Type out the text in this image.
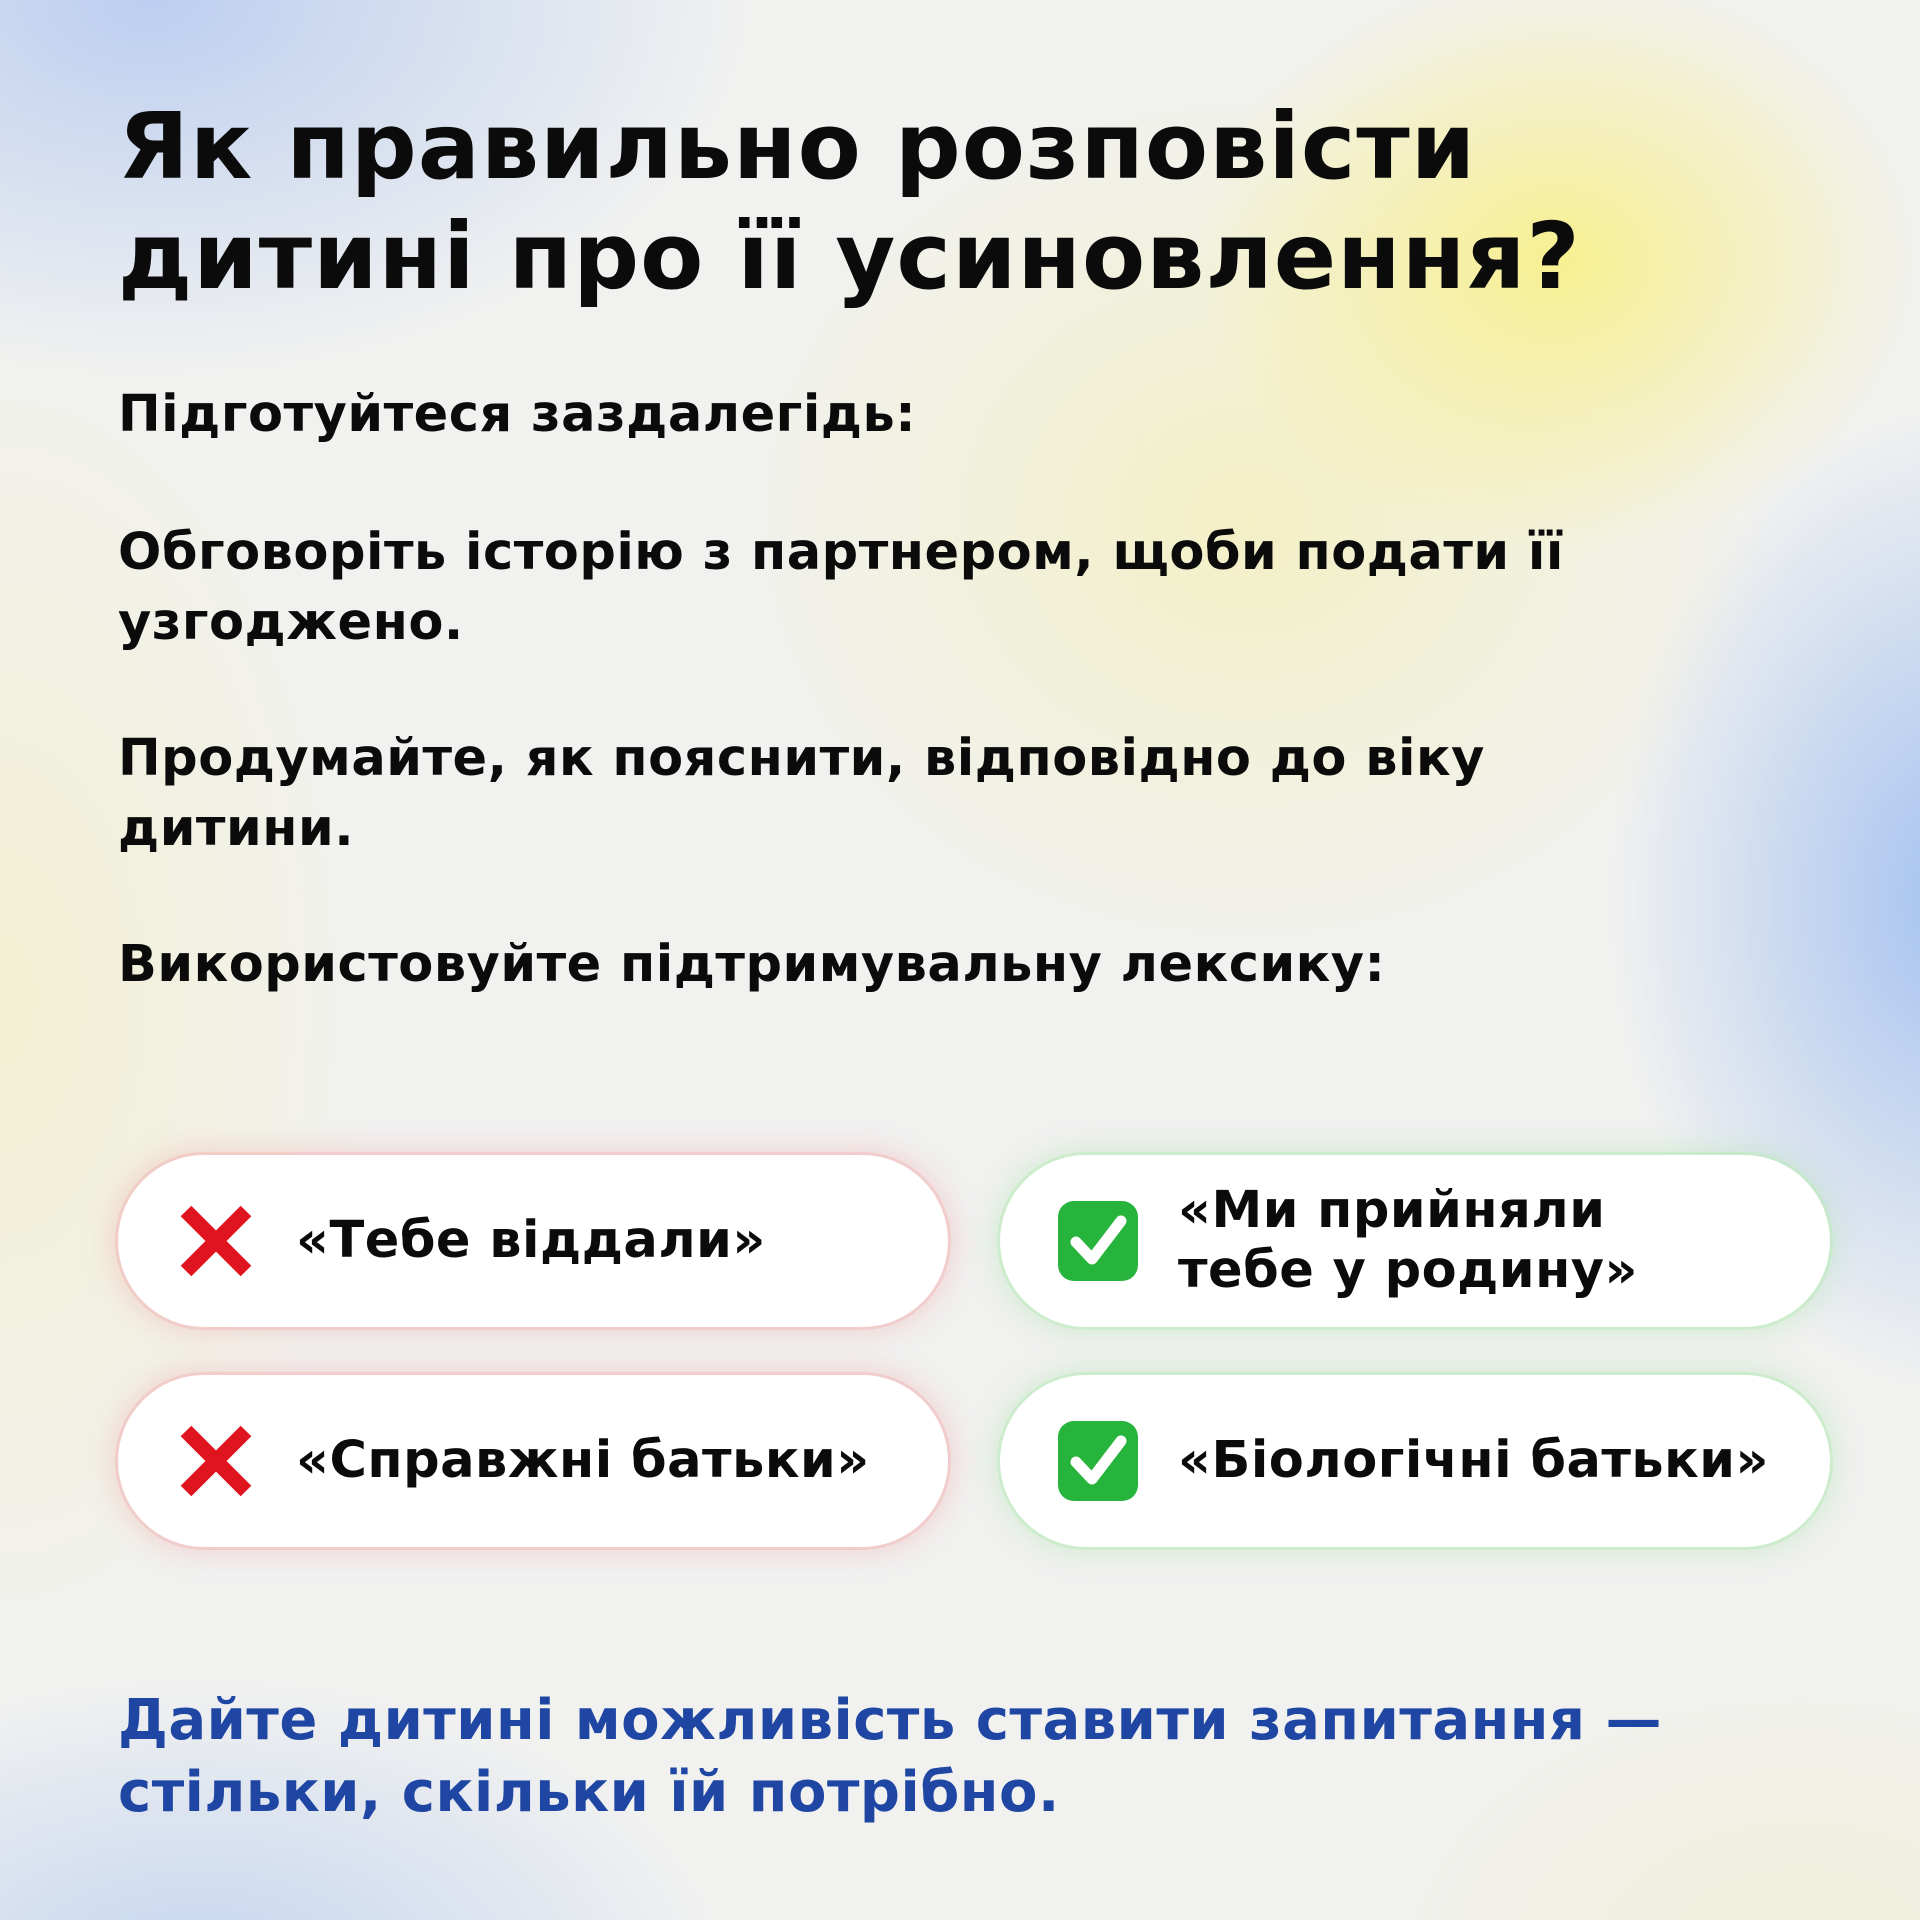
Як правильно розповісти
дитині про її усиновлення?

Підготуйтеся заздалегідь:

Обговоріть історію з партнером, щоби подати її
узгоджено.

Продумайте, як пояснити, відповідно до віку
дитини.

Використовуйте підтримувальну лексику:

«Тебе віддали»
«Ми прийняли
тебе у родину»
«Справжні батьки»	«Біологічні батьки»

Дайте дитині можливість ставити запитання —
стільки, скільки їй потрібно.
